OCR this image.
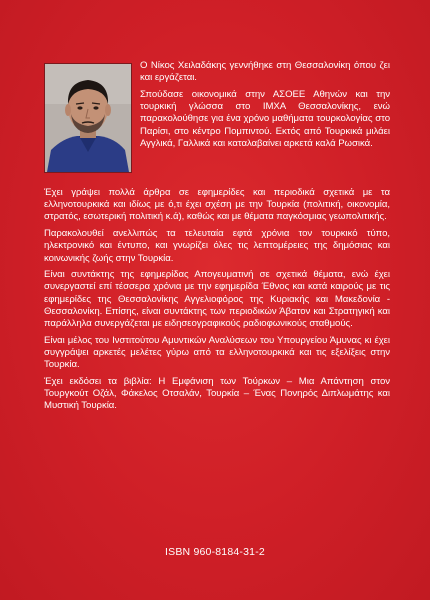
Ο Νίκος Χειλαδάκης γεννήθηκε στη Θεσσαλονίκη όπου ζει και εργάζεται.

Σπούδασε οικονομικά στην ΑΣΟΕΕ Αθηνών και την τουρκική γλώσσα στο ΙΜΧΑ Θεσσαλονίκης, ενώ παρακολούθησε για ένα χρόνο μαθήματα τουρκολογίας στο Παρίσι, στο κέντρο Πομπιντού. Εκτός από Τουρκικά μιλάει Αγγλικά, Γαλλικά και καταλαβαίνει αρκετά καλά Ρωσικά.

Έχει γράψει πολλά άρθρα σε εφημερίδες και περιοδικά σχετικά με τα ελληνοτουρκικά και ιδίως με ό,τι έχει σχέση με την Τουρκία (πολιτική, οικονομία, στρατός, εσωτερική πολιτική κ.ά), καθώς και με θέματα παγκόσμιας γεωπολιτικής.

Παρακολουθεί ανελλιπώς τα τελευταία εφτά χρόνια τον τουρκικό τύπο, ηλεκτρονικό και έντυπο, και γνωρίζει όλες τις λεπτομέρειες της δημόσιας και κοινωνικής ζωής στην Τουρκία.

Είναι συντάκτης της εφημερίδας Απογευματινή σε σχετικά θέματα, ενώ έχει συνεργαστεί επί τέσσερα χρόνια με την εφημερίδα Έθνος και κατά καιρούς με τις εφημερίδες της Θεσσαλονίκης Αγγελιοφόρος της Κυριακής και Μακεδονία - Θεσσαλονίκη. Επίσης, είναι συντάκτης των περιοδικών Άβατον και Στρατηγική και παράλληλα συνεργάζεται με ειδησεογραφικούς ραδιοφωνικούς σταθμούς.

Είναι μέλος του Ινστιτούτου Αμυντικών Αναλύσεων του Υπουργείου Άμυνας κι έχει συγγράψει αρκετές μελέτες γύρω από τα ελληνοτουρκικά και τις εξελίξεις στην Τουρκία.

Έχει εκδόσει τα βιβλία: Η Εμφάνιση των Τούρκων – Μια Απάντηση στον Τουργκούτ Οζάλ, Φάκελος Οτσαλάν, Τουρκία – Ένας Πονηρός Διπλωμάτης και Μυστική Τουρκία.

ISBN 960-8184-31-2
